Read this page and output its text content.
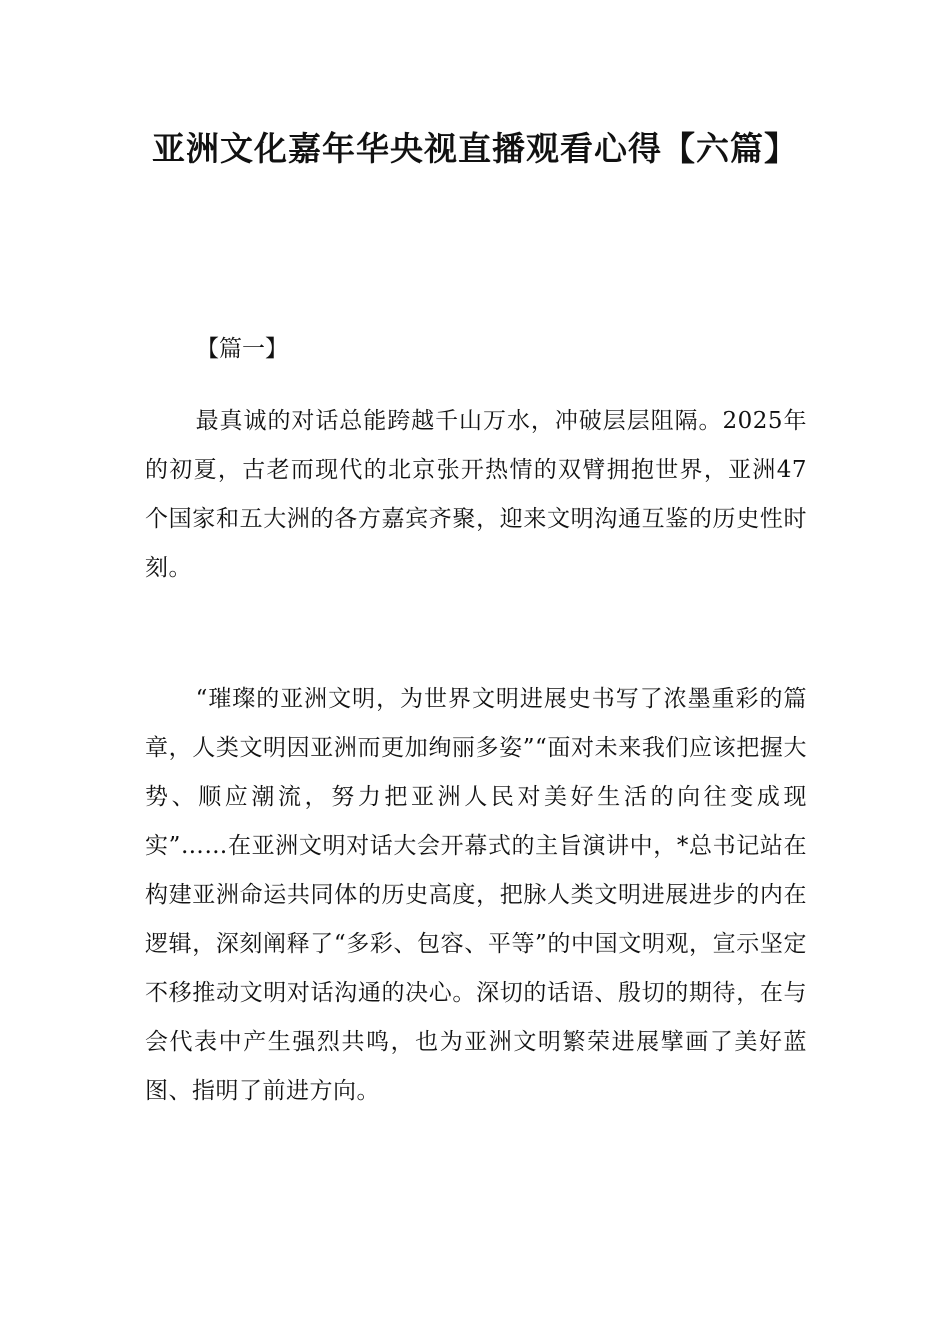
亚洲文化嘉年华央视直播观看心得【六篇】
【篇一】

最真诚的对话总能跨越千山万水，冲破层层阻隔。2025年的初夏，古老而现代的北京张开热情的双臂拥抱世界，亚洲47个国家和五大洲的各方嘉宾齐聚，迎来文明沟通互鉴的历史性时刻。

“璀璨的亚洲文明，为世界文明进展史书写了浓墨重彩的篇章，人类文明因亚洲而更加绚丽多姿”“面对未来我们应该把握大势、顺应潮流，努力把亚洲人民对美好生活的向往变成现实”……在亚洲文明对话大会开幕式的主旨演讲中，*总书记站在构建亚洲命运共同体的历史高度，把脉人类文明进展进步的内在逻辑，深刻阐释了“多彩、包容、平等”的中国文明观，宣示坚定不移推动文明对话沟通的决心。深切的话语、殷切的期待，在与会代表中产生强烈共鸣，也为亚洲文明繁荣进展擘画了美好蓝图、指明了前进方向。
